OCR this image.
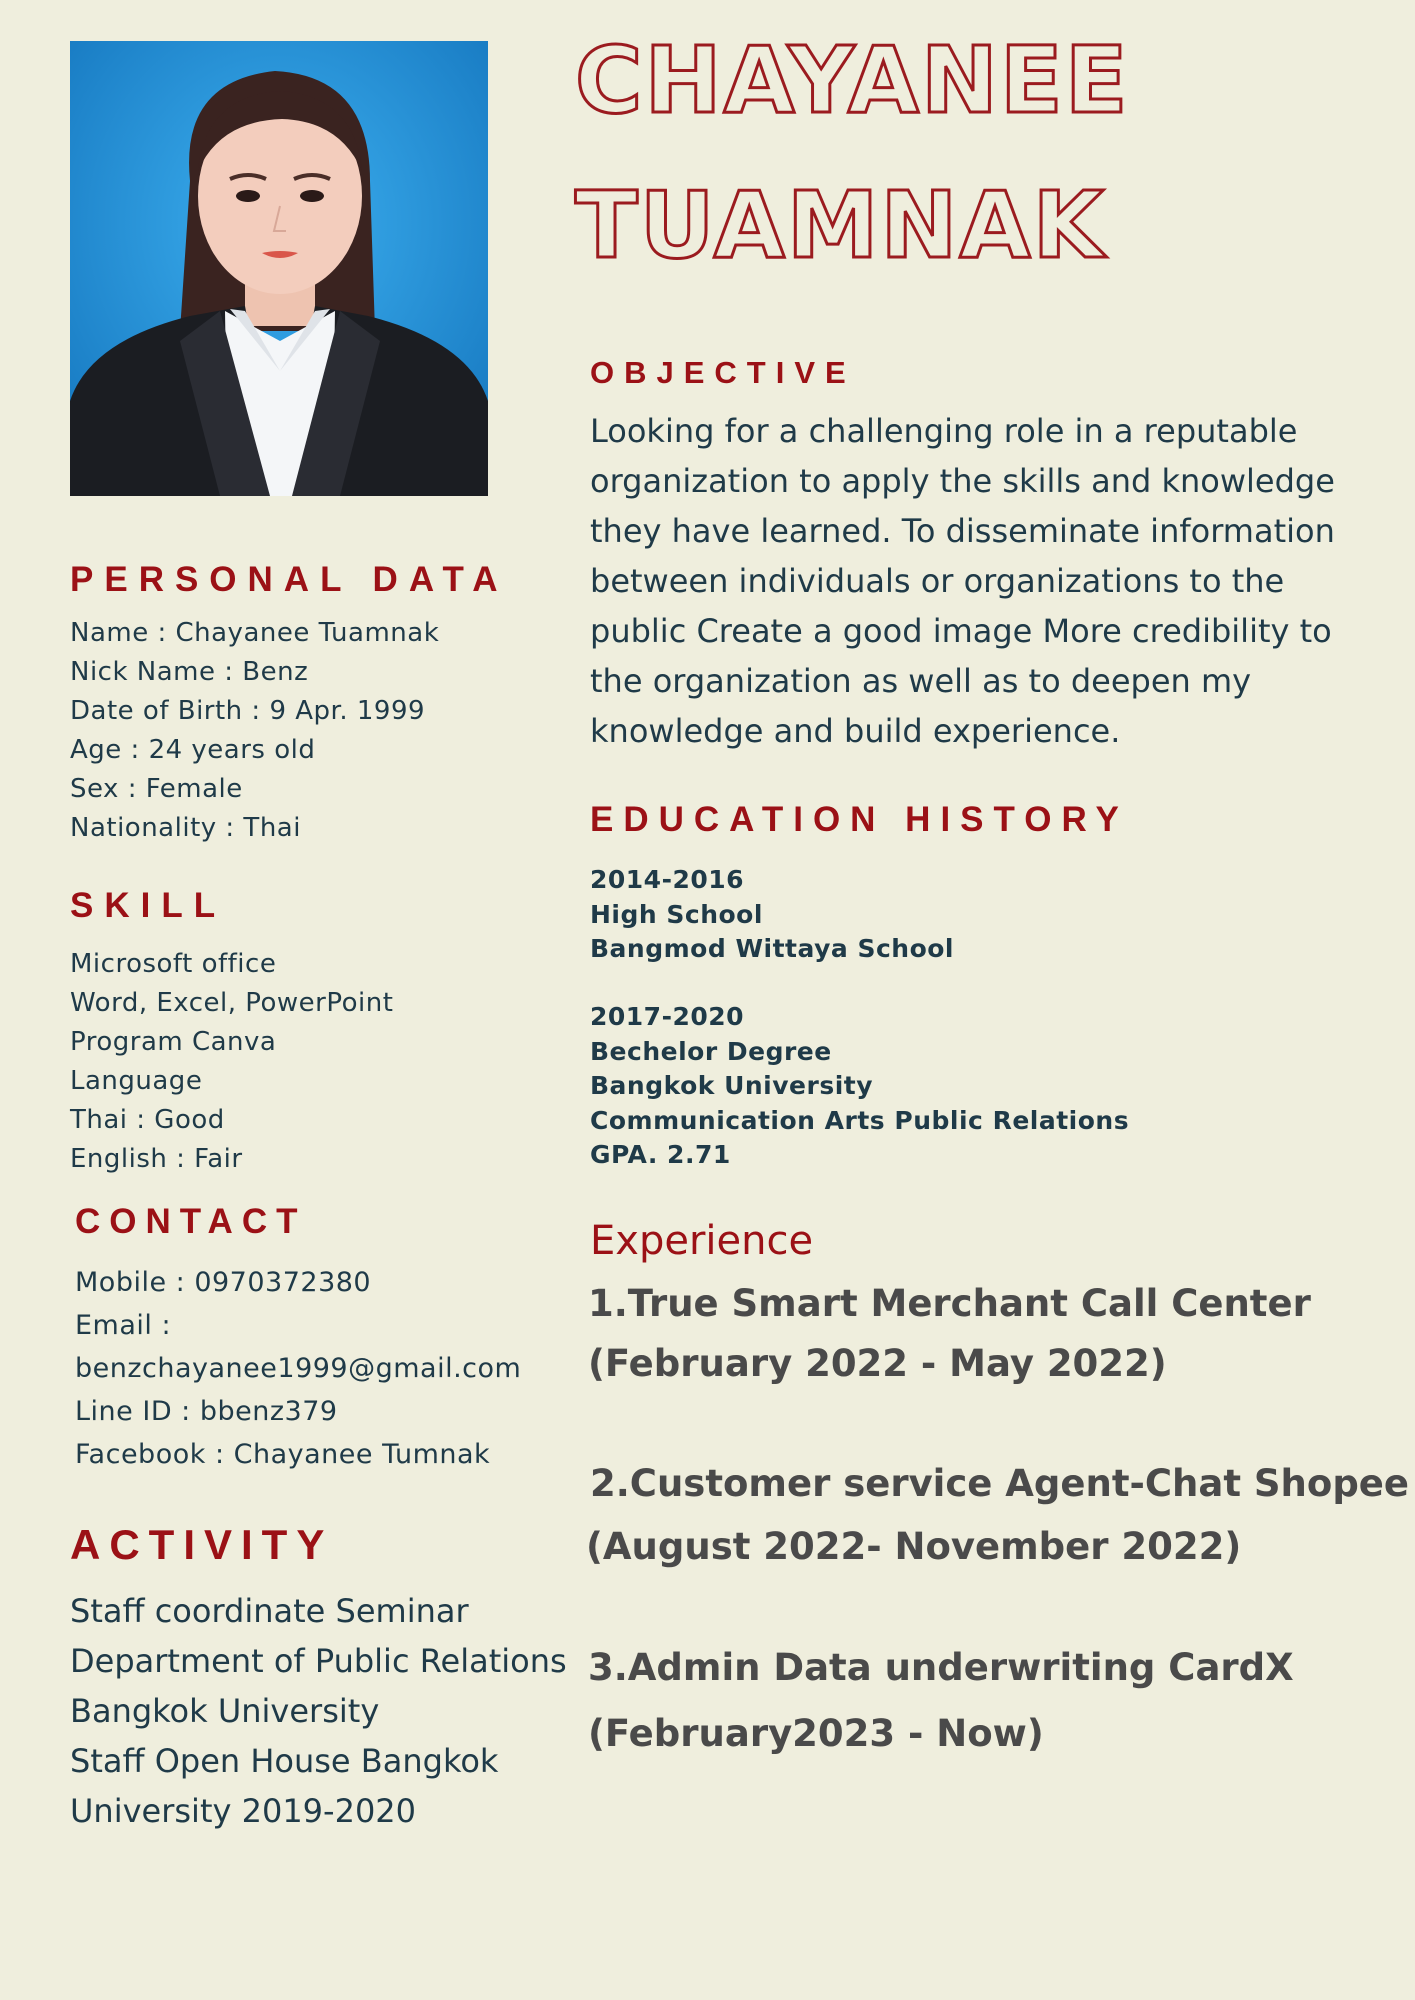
CHAYANEE
TUAMNAK
OBJECTIVE
Looking for a challenging role in a reputable
organization to apply the skills and knowledge
they have learned. To disseminate information
between individuals or organizations to the
public Create a good image More credibility to
the organization as well as to deepen my
knowledge and build experience.
PERSONAL DATA
Name : Chayanee Tuamnak
Nick Name : Benz
Date of Birth : 9 Apr. 1999
Age : 24 years old
Sex : Female
Nationality : Thai
SKILL
Microsoft office
Word, Excel, PowerPoint
Program Canva
Language
Thai : Good
English : Fair
CONTACT
Mobile : 0970372380
Email :
benzchayanee1999@gmail.com
Line ID : bbenz379
Facebook : Chayanee Tumnak
ACTIVITY
Staff coordinate Seminar
Department of Public Relations
Bangkok University
Staff Open House Bangkok
University 2019-2020
EDUCATION HISTORY
2014-2016
High School
Bangmod Wittaya School
2017-2020
Bechelor Degree
Bangkok University
Communication Arts Public Relations
GPA. 2.71
Experience
1.True Smart Merchant Call Center
(February 2022 - May 2022)
2.Customer service Agent-Chat Shopee
(August 2022- November 2022)
3.Admin Data underwriting CardX
(February2023 - Now)
